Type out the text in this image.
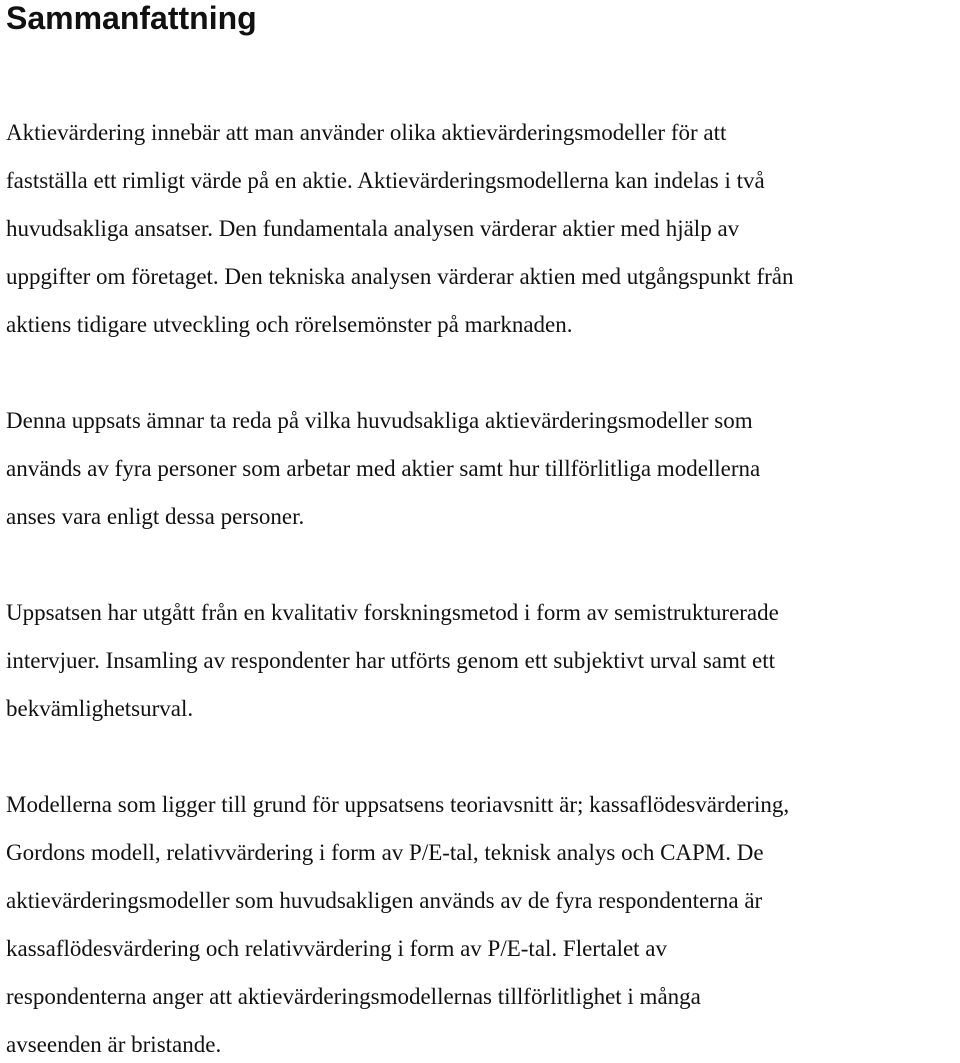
Sammanfattning

Aktievärdering innebär att man använder olika aktievärderingsmodeller för att
fastställa ett rimligt värde på en aktie. Aktievärderingsmodellerna kan indelas i två
huvudsakliga ansatser. Den fundamentala analysen värderar aktier med hjälp av
uppgifter om företaget. Den tekniska analysen värderar aktien med utgångspunkt från
aktiens tidigare utveckling och rörelsemönster på marknaden.

Denna uppsats ämnar ta reda på vilka huvudsakliga aktievärderingsmodeller som
används av fyra personer som arbetar med aktier samt hur tillförlitliga modellerna
anses vara enligt dessa personer.

Uppsatsen har utgått från en kvalitativ forskningsmetod i form av semistrukturerade
intervjuer. Insamling av respondenter har utförts genom ett subjektivt urval samt ett
bekvämlighetsurval.

Modellerna som ligger till grund för uppsatsens teoriavsnitt är; kassaflödesvärdering,
Gordons modell, relativvärdering i form av P/E-tal, teknisk analys och CAPM. De
aktievärderingsmodeller som huvudsakligen används av de fyra respondenterna är
kassaflödesvärdering och relativvärdering i form av P/E-tal. Flertalet av
respondenterna anger att aktievärderingsmodellernas tillförlitlighet i många
avseenden är bristande.
